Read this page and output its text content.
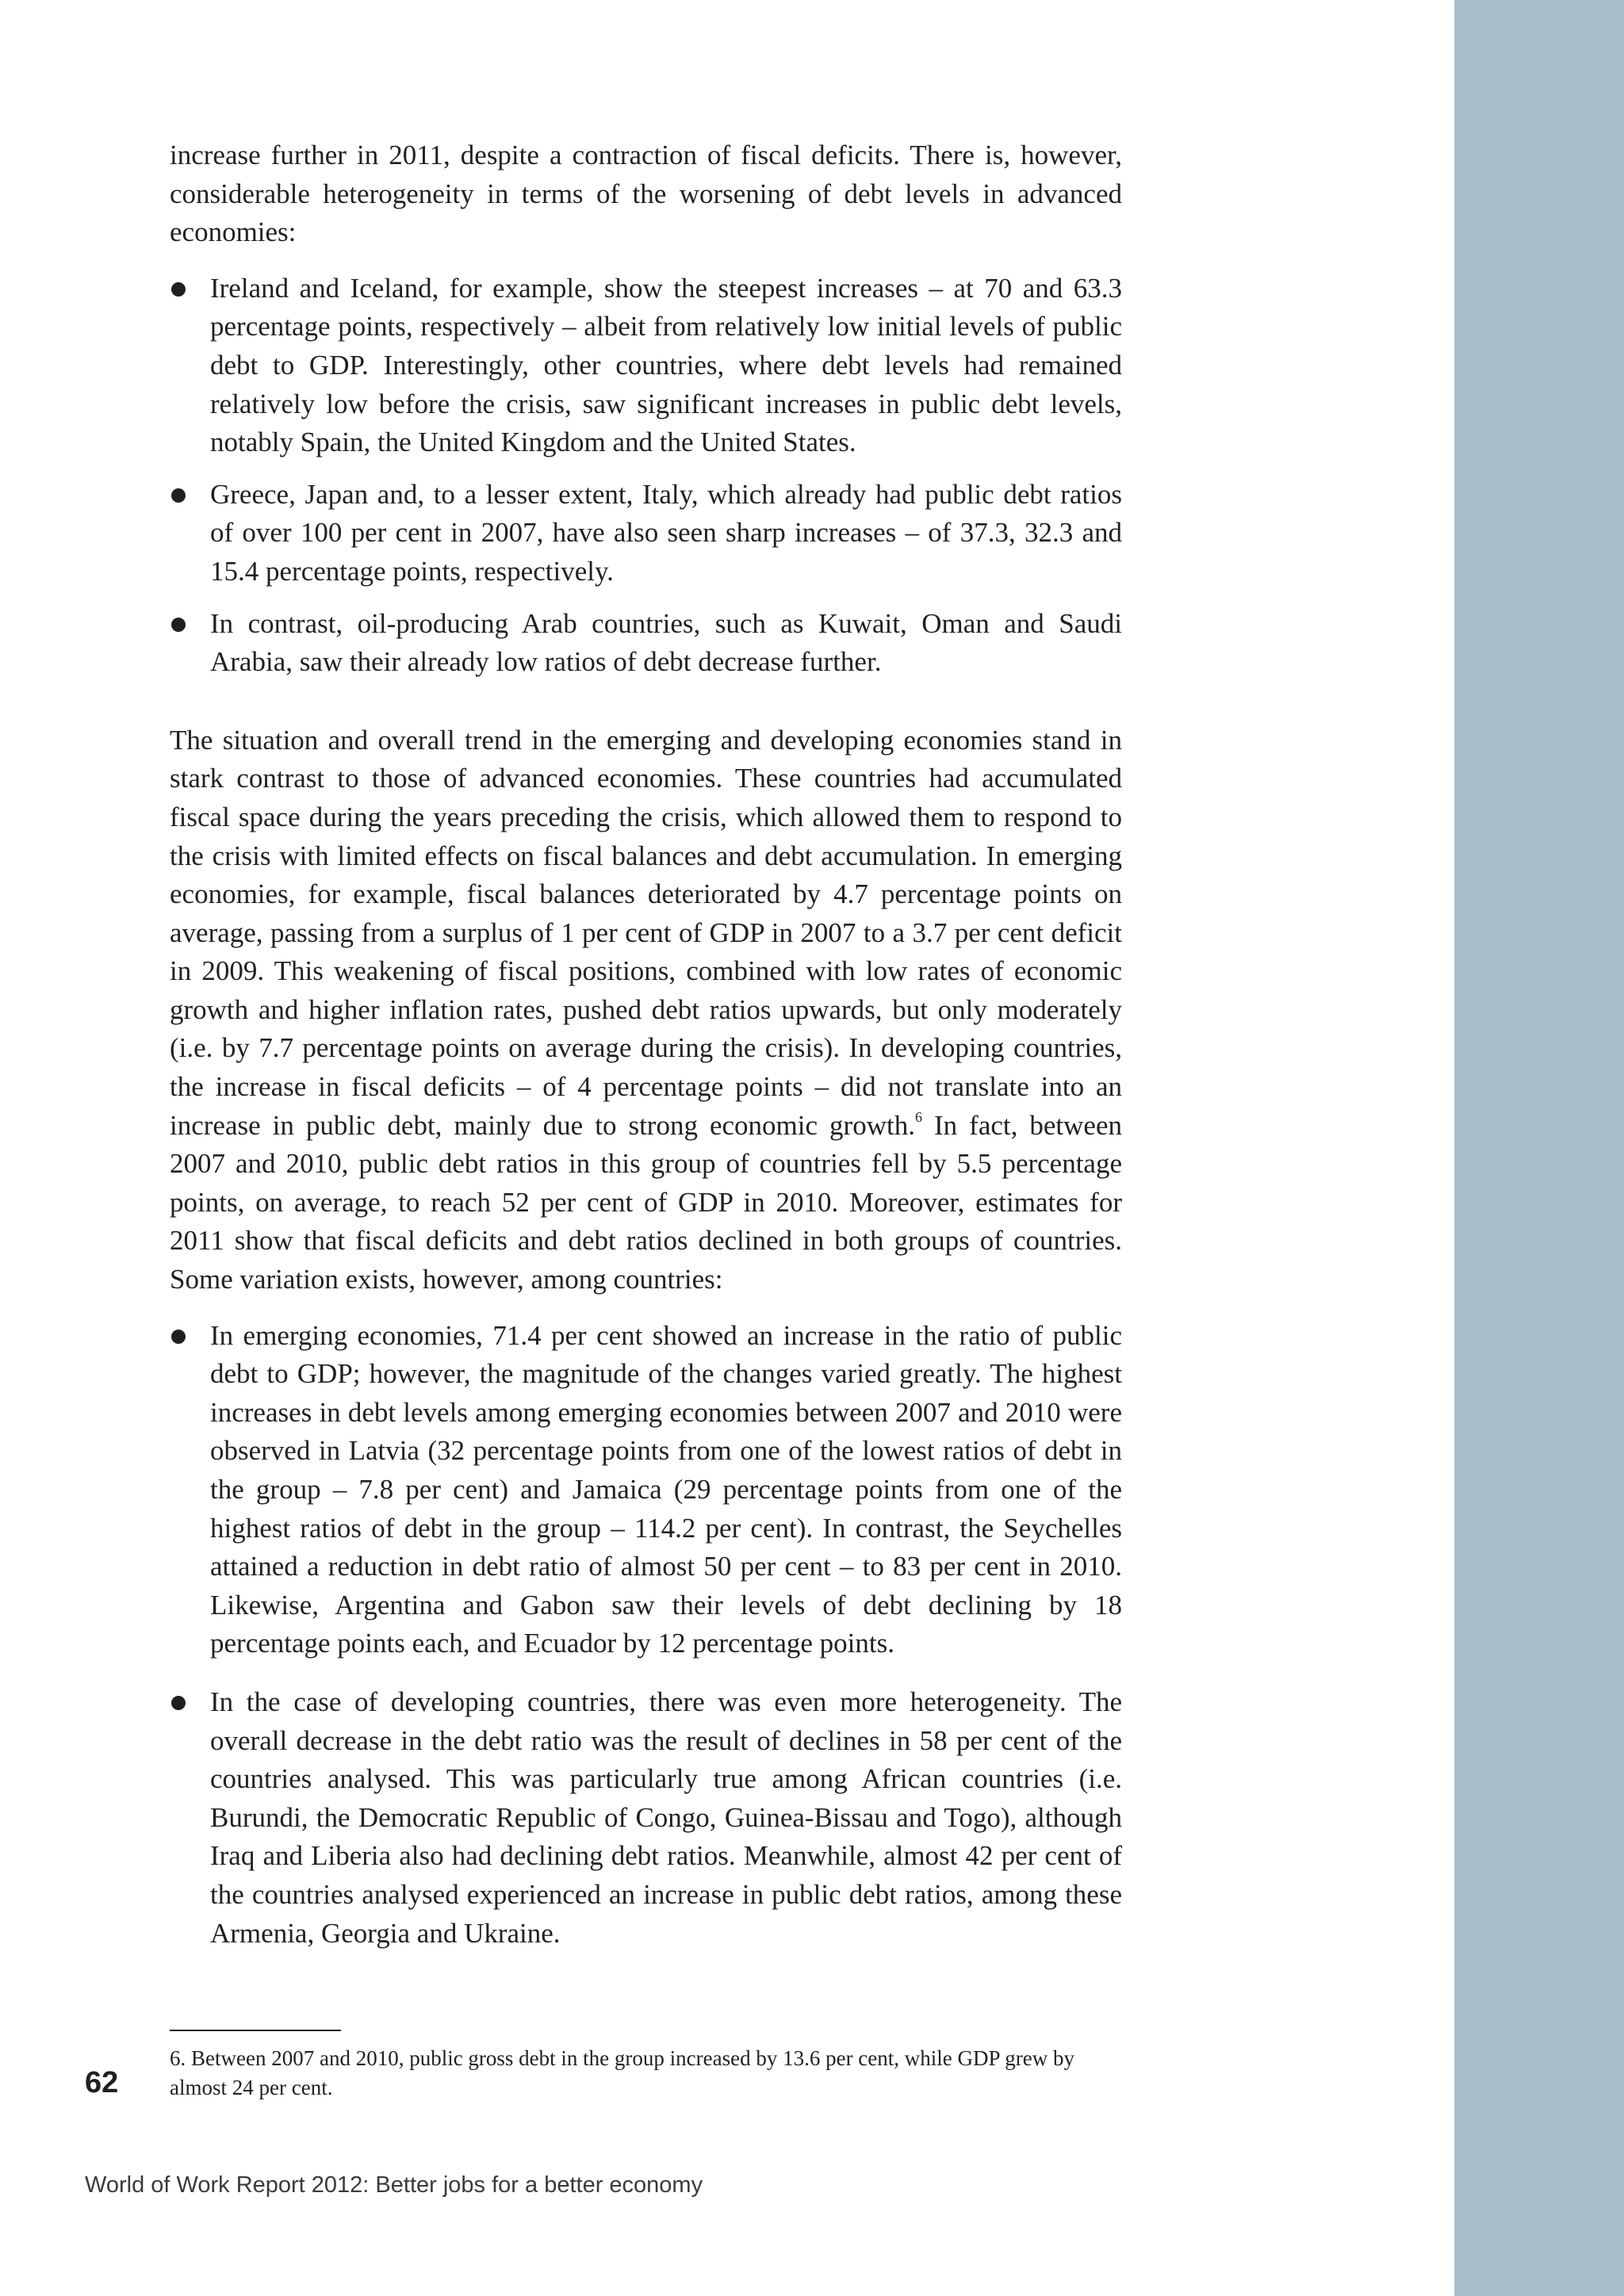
increase further in 2011, despite a contraction of fiscal deficits. There is, however, considerable heterogeneity in terms of the worsening of debt levels in advanced economies:

Ireland and Iceland, for example, show the steepest increases – at 70 and 63.3 percentage points, respectively – albeit from relatively low initial levels of public debt to GDP. Interestingly, other countries, where debt levels had remained relatively low before the crisis, saw significant increases in public debt levels, notably Spain, the United Kingdom and the United States.
Greece, Japan and, to a lesser extent, Italy, which already had public debt ratios of over 100 per cent in 2007, have also seen sharp increases – of 37.3, 32.3 and 15.4 percentage points, respectively.
In contrast, oil-producing Arab countries, such as Kuwait, Oman and Saudi Arabia, saw their already low ratios of debt decrease further.

The situation and overall trend in the emerging and developing economies stand in stark contrast to those of advanced economies. These countries had accumulated fiscal space during the years preceding the crisis, which allowed them to respond to the crisis with limited effects on fiscal balances and debt accumulation. In emerging economies, for example, fiscal balances deteriorated by 4.7 percentage points on average, passing from a surplus of 1 per cent of GDP in 2007 to a 3.7 per cent deficit in 2009. This weakening of fiscal positions, combined with low rates of economic growth and higher inflation rates, pushed debt ratios upwards, but only moderately (i.e. by 7.7 percentage points on average during the crisis). In developing countries, the increase in fiscal deficits – of 4 percentage points – did not translate into an increase in public debt, mainly due to strong economic growth.$^6$ In fact, between 2007 and 2010, public debt ratios in this group of countries fell by 5.5 percentage points, on average, to reach 52 per cent of GDP in 2010. Moreover, estimates for 2011 show that fiscal deficits and debt ratios declined in both groups of countries. Some variation exists, however, among countries:

In emerging economies, 71.4 per cent showed an increase in the ratio of public debt to GDP; however, the magnitude of the changes varied greatly. The highest increases in debt levels among emerging economies between 2007 and 2010 were observed in Latvia (32 percentage points from one of the lowest ratios of debt in the group – 7.8 per cent) and Jamaica (29 percentage points from one of the highest ratios of debt in the group – 114.2 per cent). In contrast, the Seychelles attained a reduction in debt ratio of almost 50 per cent – to 83 per cent in 2010. Likewise, Argentina and Gabon saw their levels of debt declining by 18 percentage points each, and Ecuador by 12 percentage points.
In the case of developing countries, there was even more heterogeneity. The overall decrease in the debt ratio was the result of declines in 58 per cent of the countries analysed. This was particularly true among African countries (i.e. Burundi, the Democratic Republic of Congo, Guinea-Bissau and Togo), although Iraq and Liberia also had declining debt ratios. Meanwhile, almost 42 per cent of the countries analysed experienced an increase in public debt ratios, among these Armenia, Georgia and Ukraine.
6. Between 2007 and 2010, public gross debt in the group increased by 13.6 per cent, while GDP grew by almost 24 per cent.
62
World of Work Report 2012: Better jobs for a better economy
